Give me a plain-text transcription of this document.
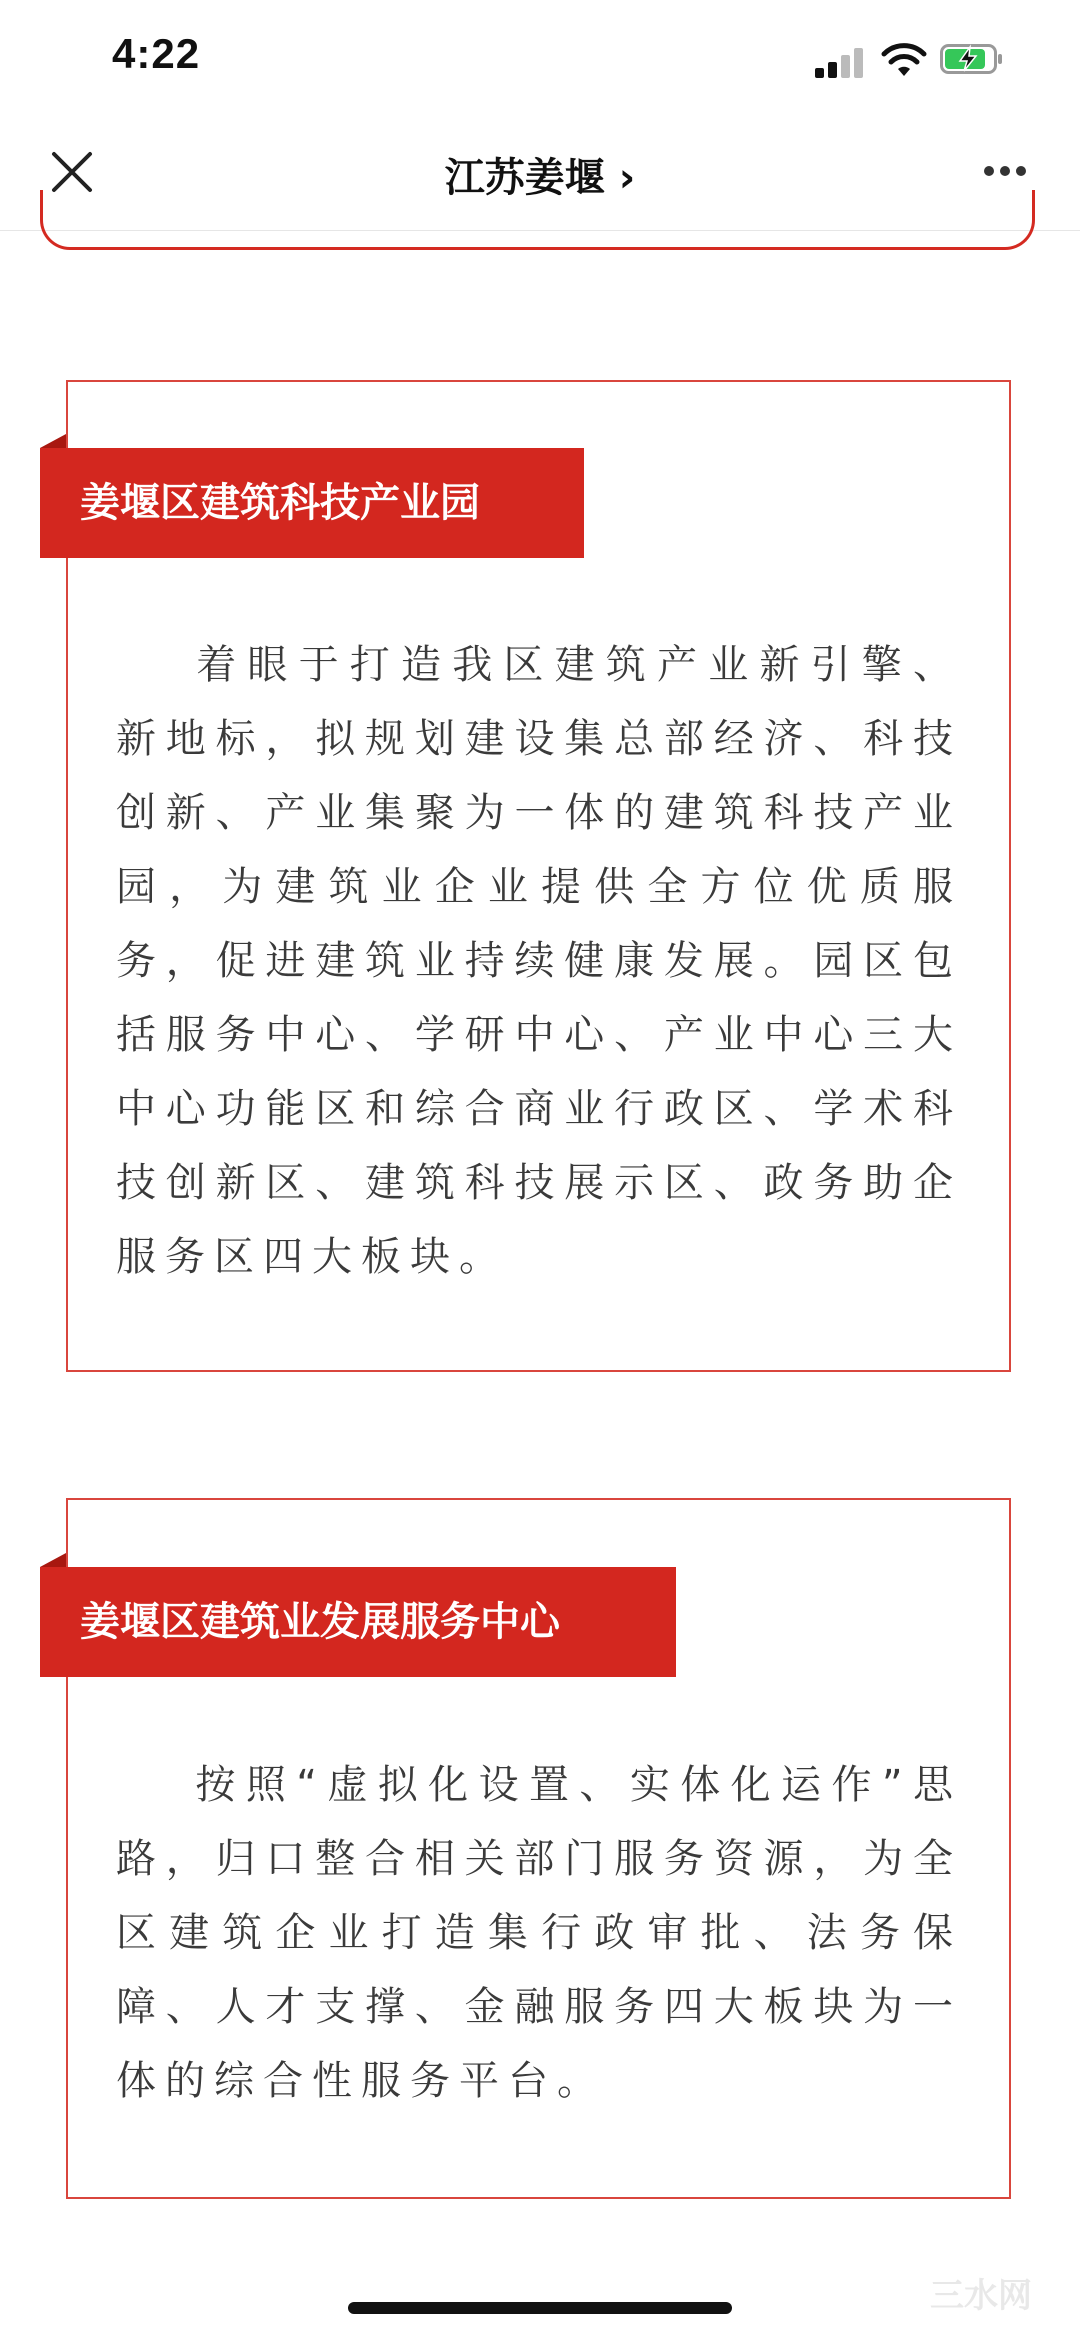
4:22
江苏姜堰 ›
姜堰区建筑科技产业园
着眼于打造我区建筑产业新引擎、新地标，拟规划建设集总部经济、科技创新、产业集聚为一体的建筑科技产业园，为建筑业企业提供全方位优质服务，促进建筑业持续健康发展。园区包括服务中心、学研中心、产业中心三大中心功能区和综合商业行政区、学术科技创新区、建筑科技展示区、政务助企服务区四大板块。
姜堰区建筑业发展服务中心
按照“虚拟化设置、实体化运作”思路，归口整合相关部门服务资源，为全区建筑企业打造集行政审批、法务保障、人才支撑、金融服务四大板块为一体的综合性服务平台。
三水网
